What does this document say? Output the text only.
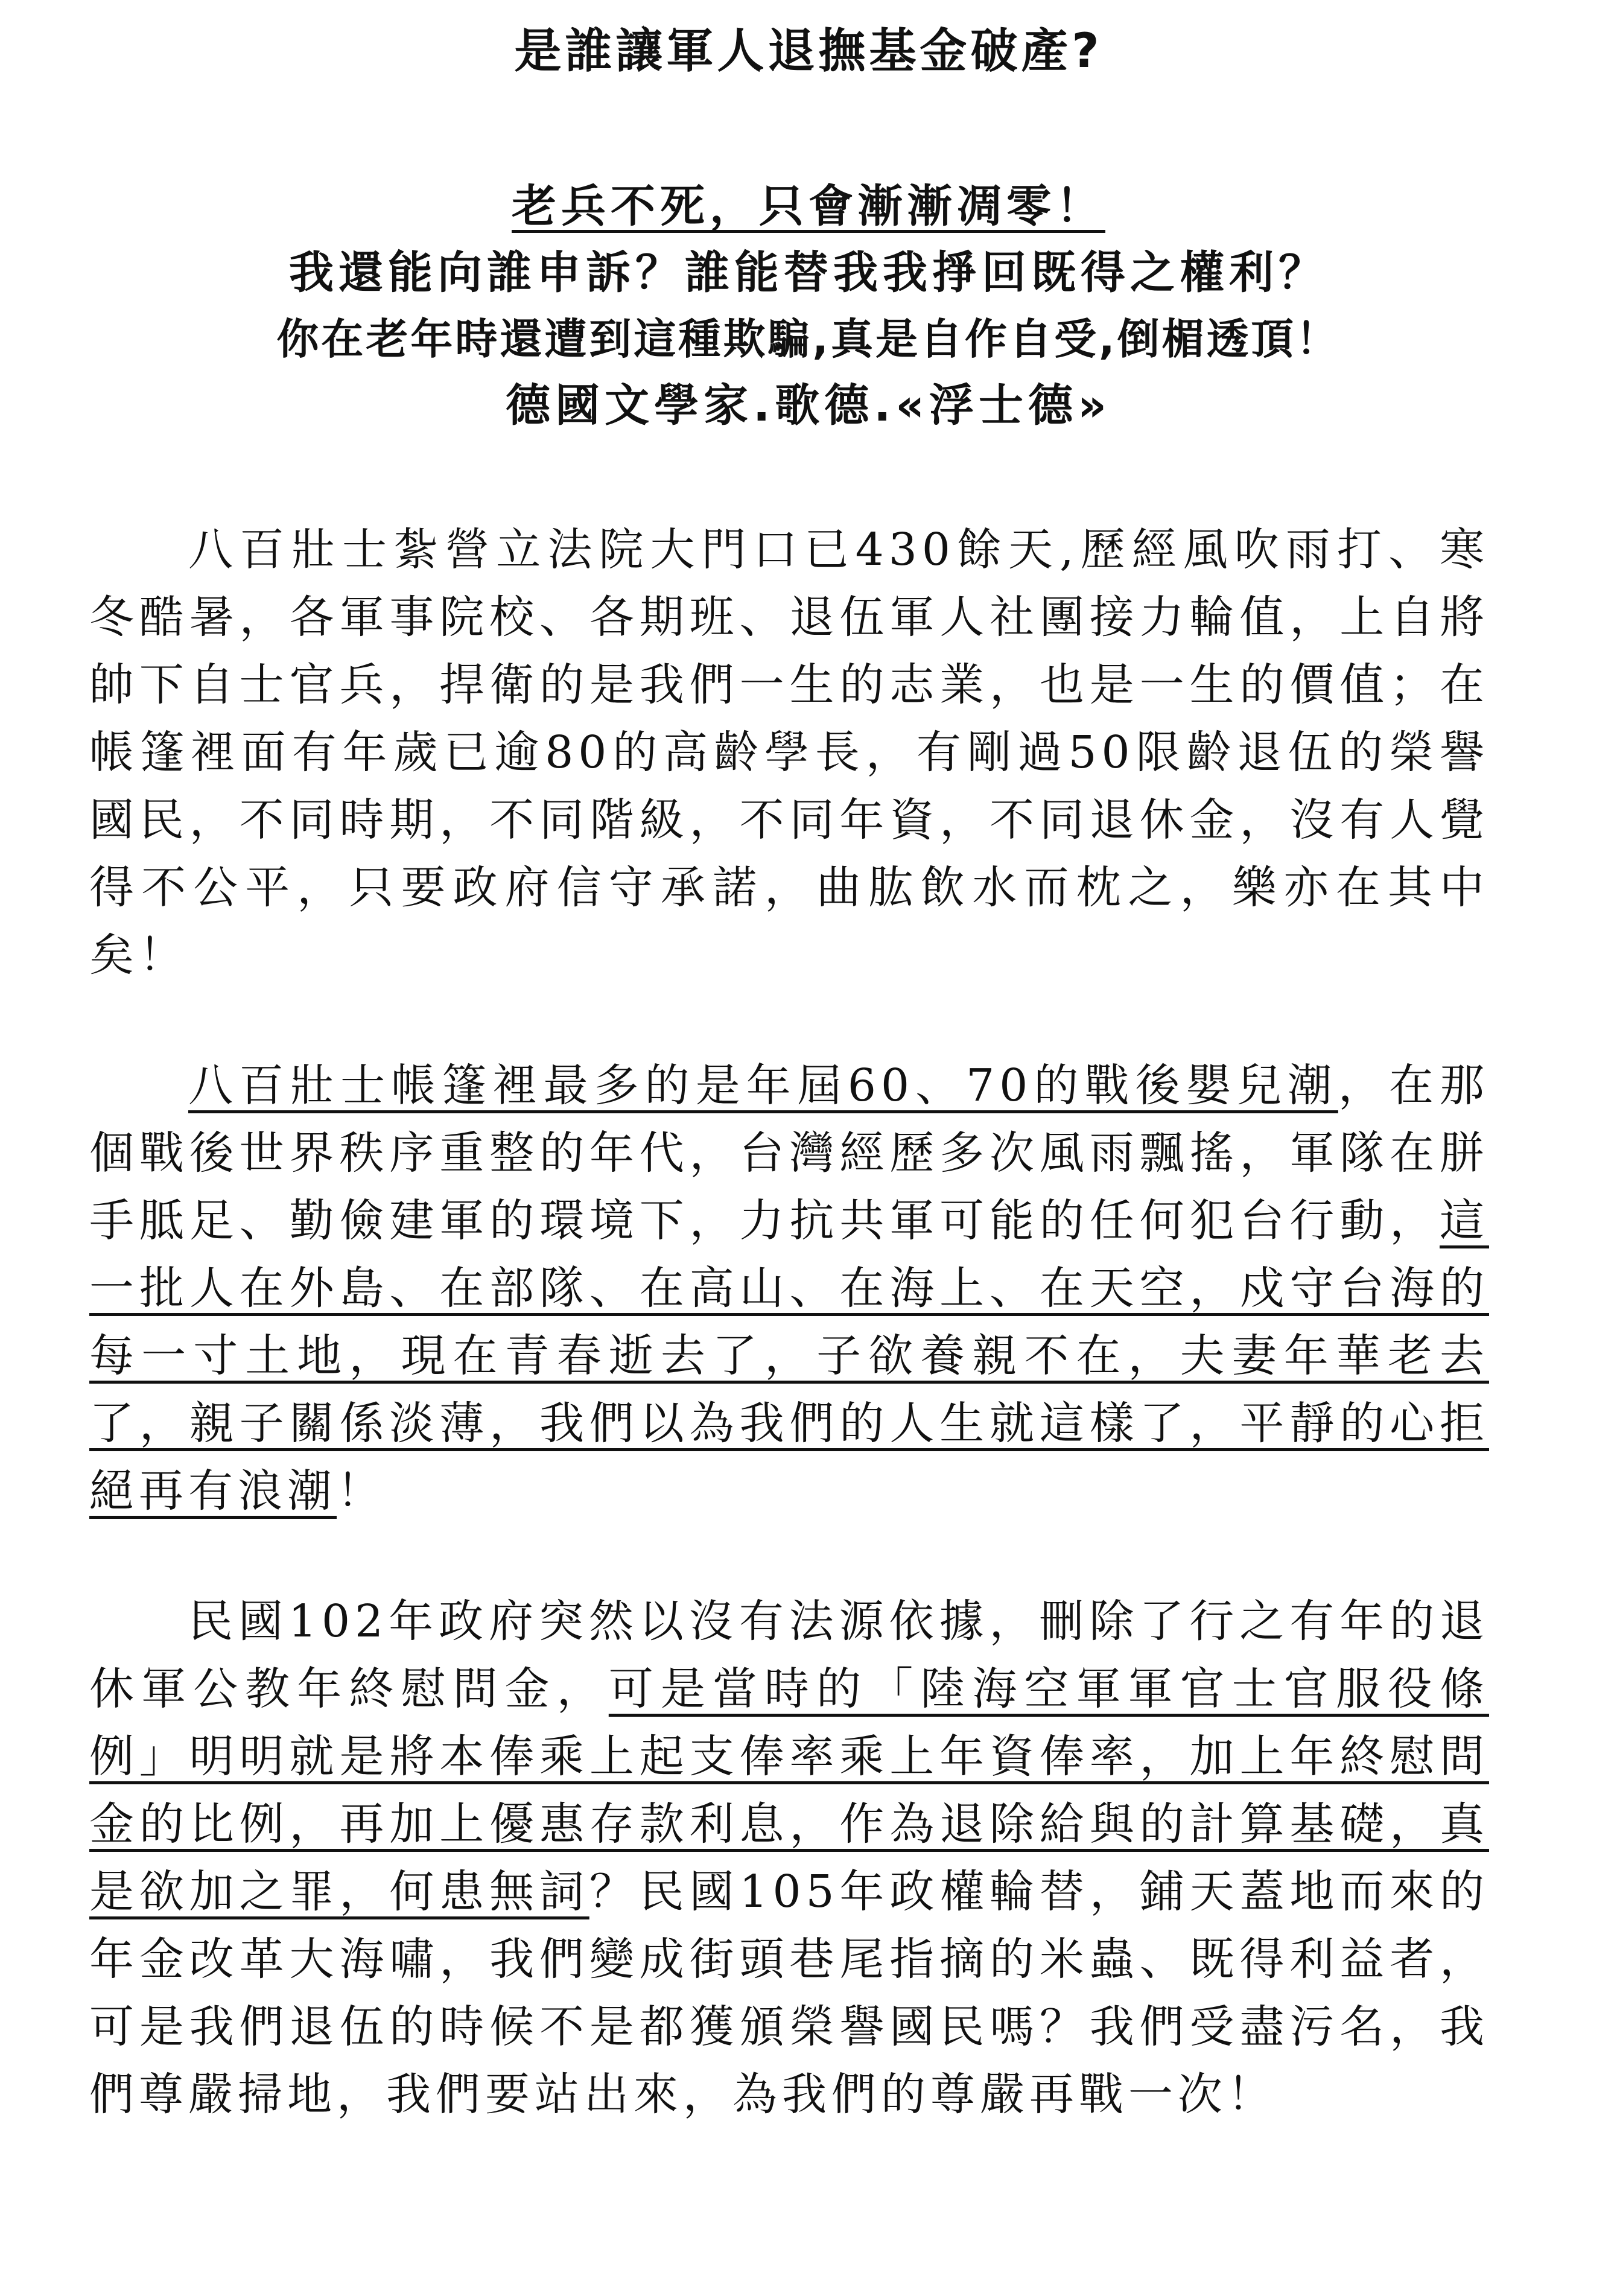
是誰讓軍人退撫基金破產?
老兵不死，只會漸漸凋零！
我還能向誰申訴？誰能替我我掙回既得之權利？
你在老年時還遭到這種欺騙,真是自作自受,倒楣透頂！
德國文學家.歌德.«浮士德»

八百壯士紮營立法院大門口已430餘天,歷經風吹雨打、寒冬酷暑，各軍事院校、各期班、退伍軍人社團接力輪值，上自將帥下自士官兵，捍衛的是我們一生的志業，也是一生的價值；在帳篷裡面有年歲已逾80的高齡學長，有剛過50限齡退伍的榮譽國民，不同時期，不同階級，不同年資，不同退休金，沒有人覺得不公平，只要政府信守承諾，曲肱飲水而枕之，樂亦在其中矣！

八百壯士帳篷裡最多的是年屆60、70的戰後嬰兒潮，在那個戰後世界秩序重整的年代，台灣經歷多次風雨飄搖，軍隊在胼手胝足、勤儉建軍的環境下，力抗共軍可能的任何犯台行動，這一批人在外島、在部隊、在高山、在海上、在天空，戍守台海的每一寸土地，現在青春逝去了，子欲養親不在，夫妻年華老去了，親子關係淡薄，我們以為我們的人生就這樣了，平靜的心拒絕再有浪潮！

民國102年政府突然以沒有法源依據，刪除了行之有年的退休軍公教年終慰問金，可是當時的「陸海空軍軍官士官服役條例」明明就是將本俸乘上起支俸率乘上年資俸率，加上年終慰問金的比例，再加上優惠存款利息，作為退除給與的計算基礎，真是欲加之罪，何患無詞？民國105年政權輪替，鋪天蓋地而來的年金改革大海嘯，我們變成街頭巷尾指摘的米蟲、既得利益者，可是我們退伍的時候不是都獲頒榮譽國民嗎？我們受盡污名，我們尊嚴掃地，我們要站出來，為我們的尊嚴再戰一次！
